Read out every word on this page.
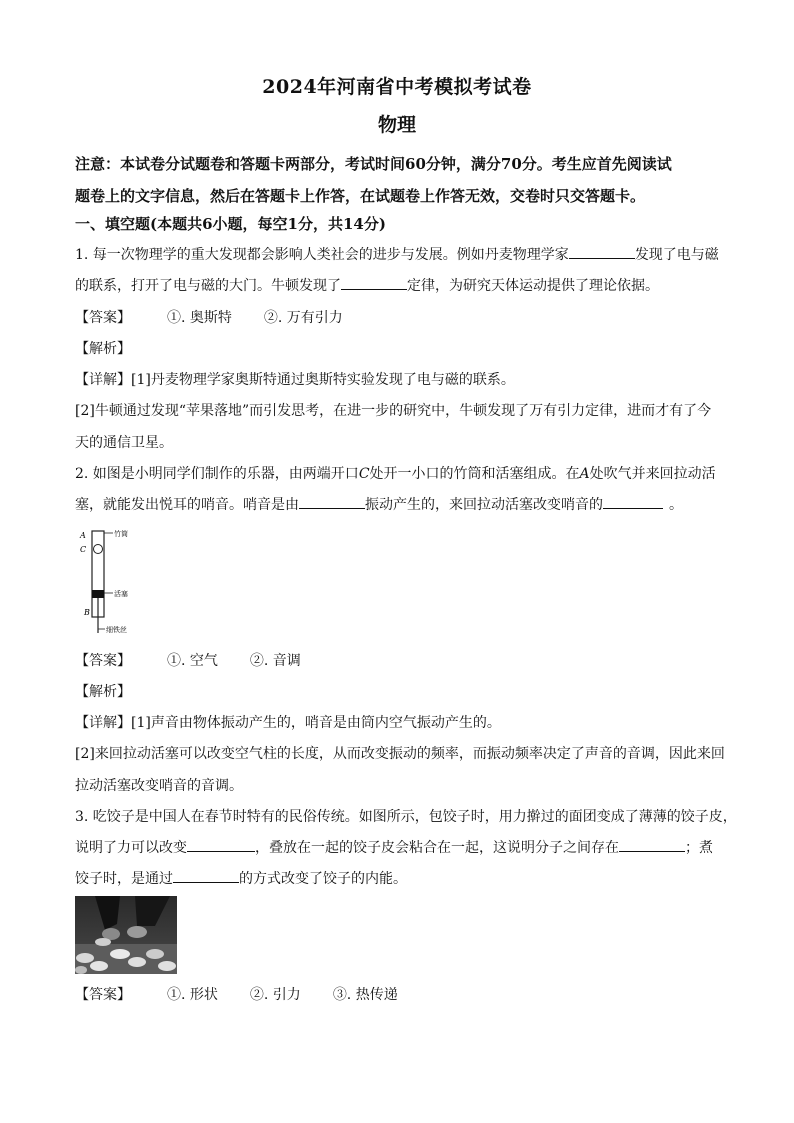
2024年河南省中考模拟考试卷
物理
注意：本试卷分试题卷和答题卡两部分，考试时间60分钟，满分70分。考生应首先阅读试
题卷上的文字信息，然后在答题卡上作答，在试题卷上作答无效，交卷时只交答题卡。
一、填空题(本题共6小题，每空1分，共14分)
1. 每一次物理学的重大发现都会影响人类社会的进步与发展。例如丹麦物理学家	发现了电与磁
的联系，打开了电与磁的大门。牛顿发现了	定律，为研究天体运动提供了理论依据。
【答案】	①. 奥斯特 ②. 万有引力
【解析】
【详解】[1]丹麦物理学家奥斯特通过奥斯特实验发现了电与磁的联系。
[2]牛顿通过发现“苹果落地”而引发思考，在进一步的研究中，牛顿发现了万有引力定律，进而才有了今
天的通信卫星。
2. 如图是小明同学们制作的乐器，由两端开口C处开一小口的竹筒和活塞组成。在A处吹气并来回拉动活
塞，就能发出悦耳的哨音。哨音是由	振动产生的，来回拉动活塞改变哨音的	。
A
C
B
竹筒
活塞
细铁丝
【答案】	①. 空气 ②. 音调
【解析】
【详解】[1]声音由物体振动产生的，哨音是由筒内空气振动产生的。
[2]来回拉动活塞可以改变空气柱的长度，从而改变振动的频率，而振动频率决定了声音的音调，因此来回
拉动活塞改变哨音的音调。
3. 吃饺子是中国人在春节时特有的民俗传统。如图所示，包饺子时，用力擀过的面团变成了薄薄的饺子皮，
说明了力可以改变	，叠放在一起的饺子皮会粘合在一起，这说明分子之间存在	；煮
饺子时，是通过	的方式改变了饺子的内能。
【答案】	①. 形状 ②. 引力 ③. 热传递
